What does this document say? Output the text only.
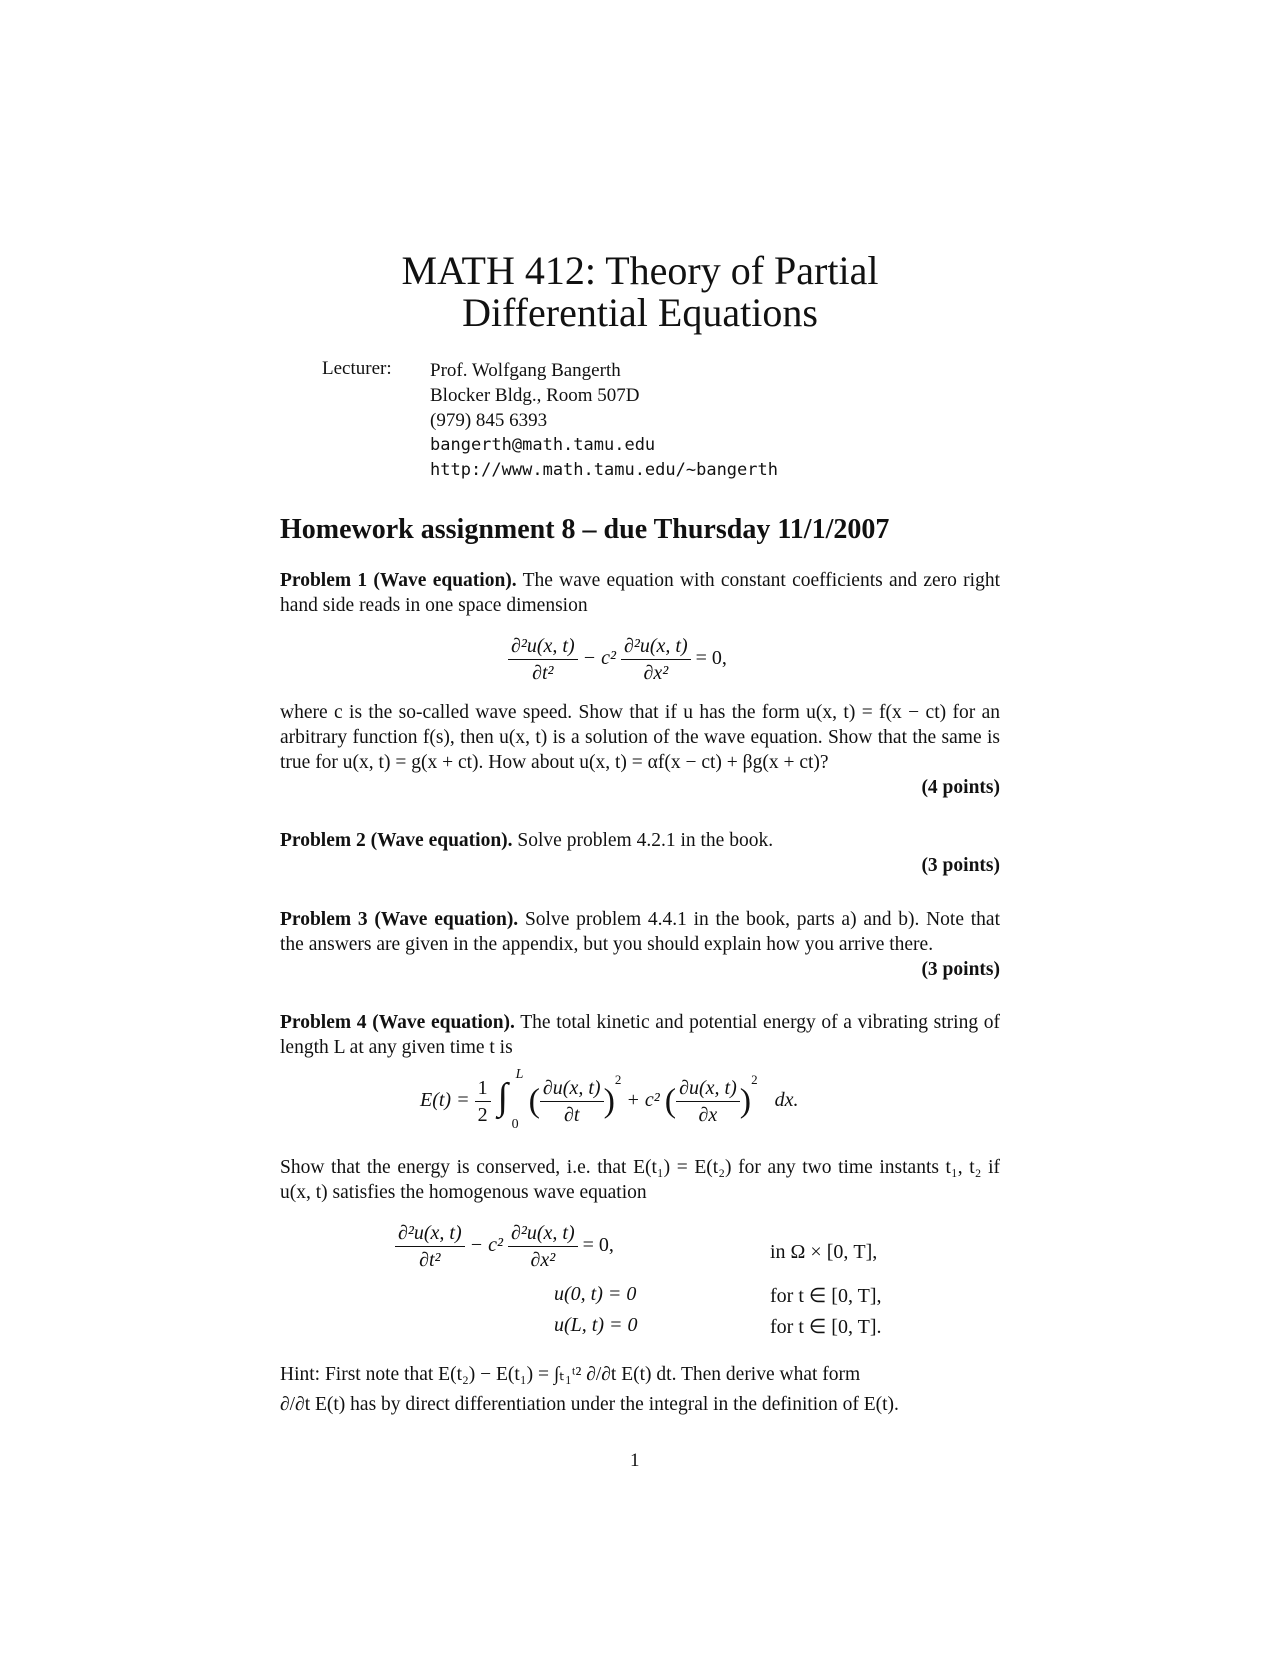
MATH 412: Theory of Partial
Differential Equations
Lecturer: Prof. Wolfgang Bangerth
Blocker Bldg., Room 507D
(979) 845 6393
bangerth@math.tamu.edu
http://www.math.tamu.edu/~bangerth
Homework assignment 8 – due Thursday 11/1/2007
Problem 1 (Wave equation). The wave equation with constant coefficients and zero right hand side reads in one space dimension
$\frac{\text{∂²u(x, t)}}{\text{∂t²}} - c^2 \frac{\text{∂²u(x, t)}}{\text{∂x²}} = 0$,
where c is the so-called wave speed. Show that if u has the form u(x, t) = f(x − ct) for an arbitrary function f(s), then u(x, t) is a solution of the wave equation. Show that the same is true for u(x, t) = g(x + ct). How about u(x, t) = αf(x − ct) + βg(x + ct)?
(4 points)
Problem 2 (Wave equation). Solve problem 4.2.1 in the book.
(3 points)
Problem 3 (Wave equation). Solve problem 4.4.1 in the book, parts a) and b). Note that the answers are given in the appendix, but you should explain how you arrive there.
(3 points)
Problem 4 (Wave equation). The total kinetic and potential energy of a vibrating string of length L at any given time t is
$E(t) = \frac{1}{2}$
∫
L
0
( $\frac{\partial u(x, t)}{\partial t} )^2 + c^2$ ( $\frac{\partial u(x, t)}{\partial x} )^2$ dx.
Show that the energy is conserved, i.e. that E(t₁) = E(t₂) for any two time instants t₁, t₂ if u(x, t) satisfies the homogenous wave equation
$\frac{\text{∂²u(x, t)}}{\text{∂t²}} - c^2 \frac{\text{∂²u(x, t)}}{\text{∂x²}} = 0$,	in Ω × [0, T],
u(0, t) = 0	for t ∈ [0, T],
u(L, t) = 0	for t ∈ [0, T].
Hint: First note that E(t₂) − E(t₁) = ∫ₜ₁ᵗ² ∂/∂t E(t) dt. Then derive what form
∂/∂t E(t) has by direct differentiation under the integral in the definition of E(t).
1
